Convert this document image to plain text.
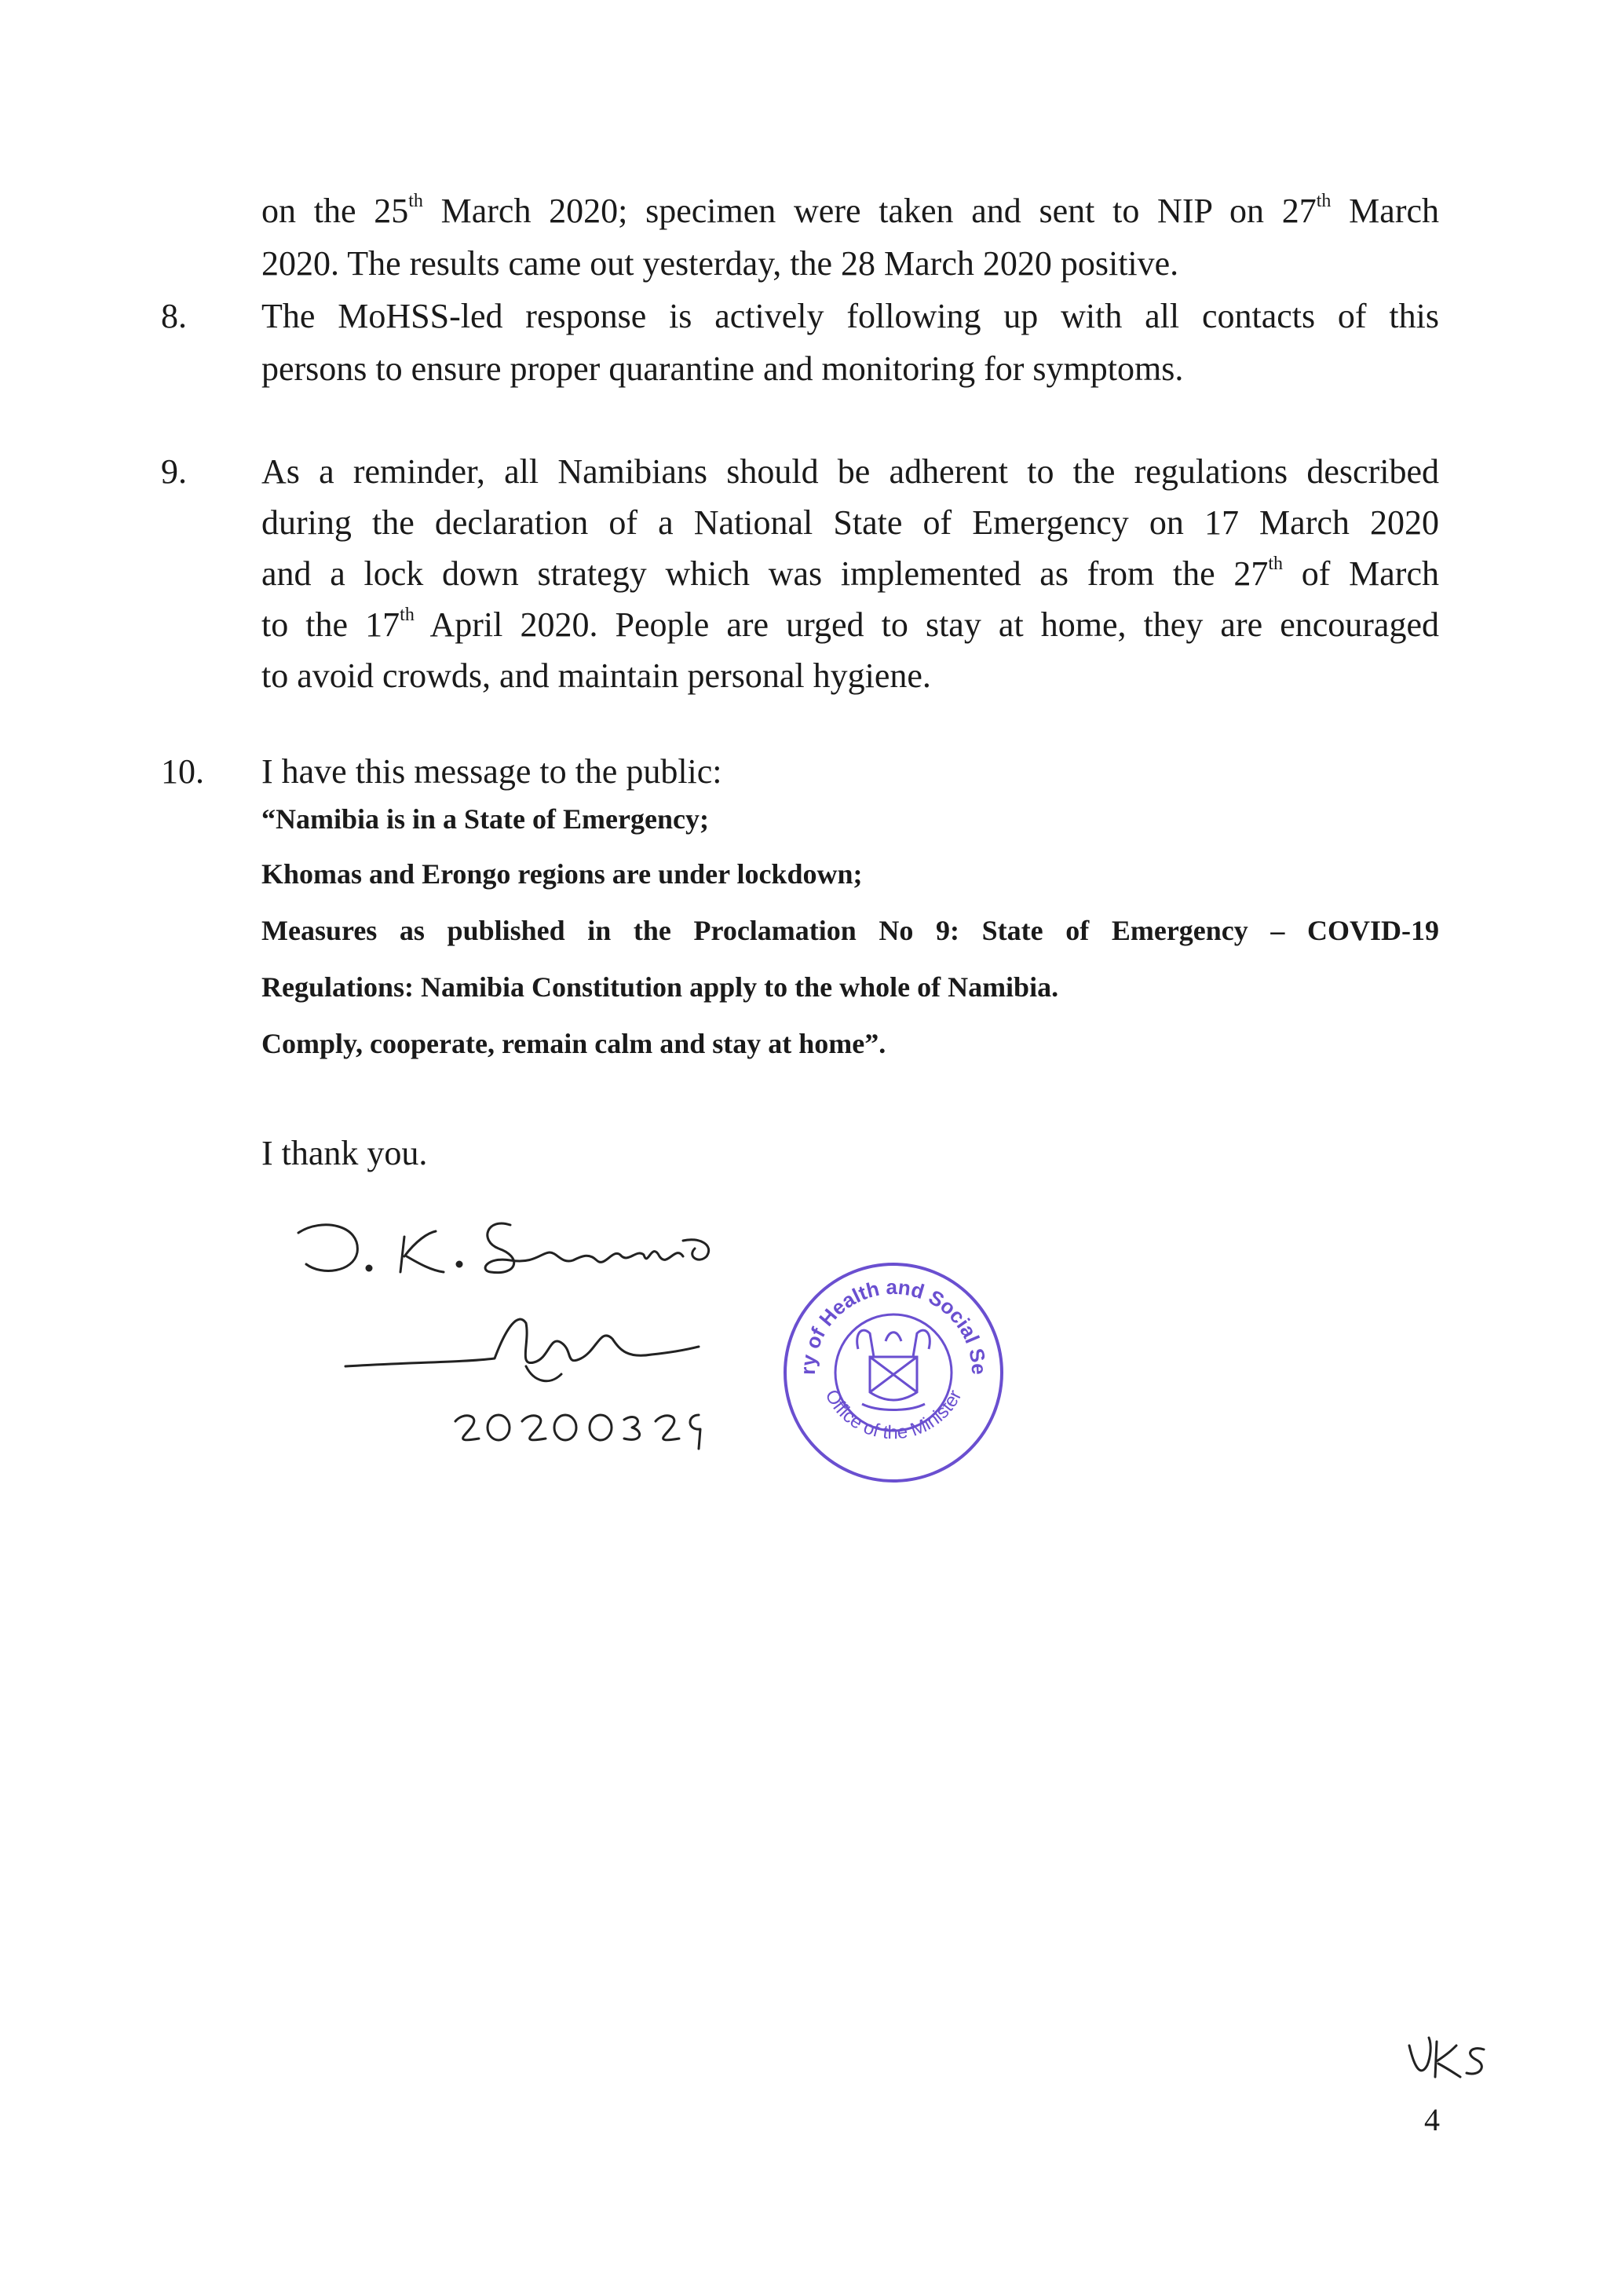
on the 25th March 2020; specimen were taken and sent to NIP on 27th March
2020. The results came out yesterday, the 28 March 2020 positive.
8. The MoHSS-led response is actively following up with all contacts of this
persons to ensure proper quarantine and monitoring for symptoms.
9. As a reminder, all Namibians should be adherent to the regulations described
during the declaration of a National State of Emergency on 17 March 2020
and a lock down strategy which was implemented as from the 27th of March
to the 17th April 2020. People are urged to stay at home, they are encouraged
to avoid crowds, and maintain personal hygiene.
10. I have this message to the public:
“Namibia is in a State of Emergency;
Khomas and Erongo regions are under lockdown;
Measures as published in the Proclamation No 9: State of Emergency – COVID-19
Regulations: Namibia Constitution apply to the whole of Namibia.
Comply, cooperate, remain calm and stay at home”.
I thank you.
Ministry of Health and Social Services
Office of the Minister
4
